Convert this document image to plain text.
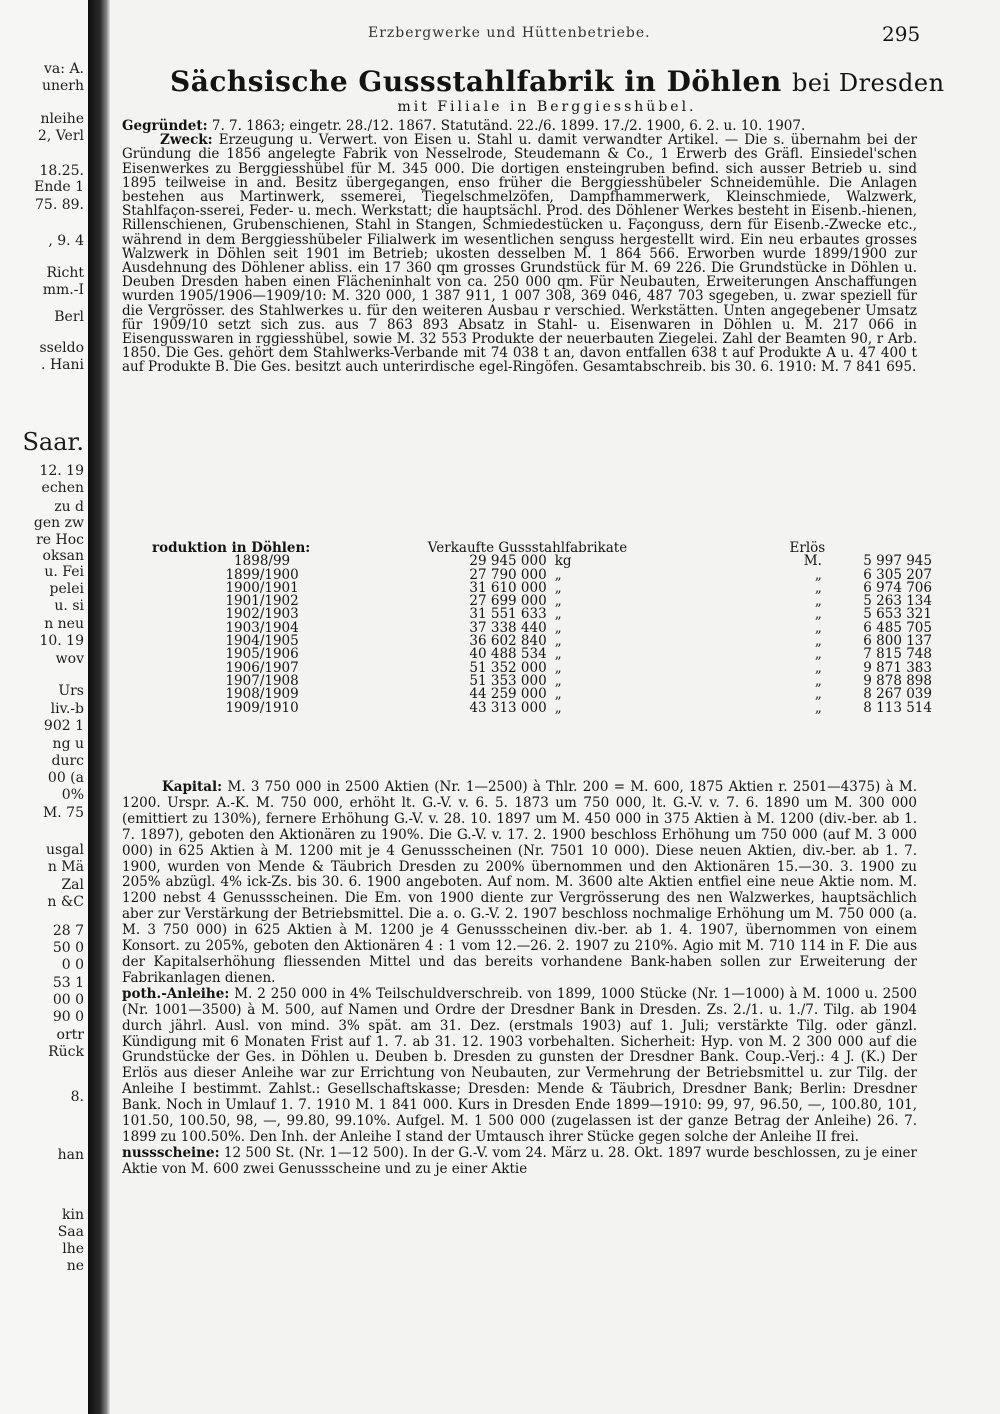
va: A.
unerh
nleihe
2, Verl
18.25.
Ende 1
75. 89.
, 9. 4
Richt
mm.-I
Berl
sseldo
. Hani
Saar.
12. 19
echen
zu d
gen zw
re Hoc
oksan
u. Fei
pelei
u. si
n neu
10. 19
wov
Urs
liv.-b
902 1
ng u
durc
00 (a
0%
M. 75
usgal
n Mä
Zal
n &C
28 7
50 0
0 0
53 1
00 0
90 0
ortr
Rück
8.
han
kin
Saa
lhe
ne
Erzbergwerke und Hüttenbetriebe.	295
Sächsische Gussstahlfabrik in Döhlen bei Dresden
mit Filiale in Berggiesshübel.

Gegründet: 7. 7. 1863; eingetr. 28./12. 1867. Statutänd. 22./6. 1899. 17./2. 1900, 6. 2. u. 10. 1907.

Zweck: Erzeugung u. Verwert. von Eisen u. Stahl u. damit verwandter Artikel. — Die s. übernahm bei der Gründung die 1856 angelegte Fabrik von Nesselrode, Steudemann & Co., 1 Erwerb des Gräfl. Einsiedel'schen Eisenwerkes zu Berggiesshübel für M. 345 000. Die dortigen ensteingruben befind. sich ausser Betrieb u. sind 1895 teilweise in and. Besitz übergegangen, enso früher die Berggiesshübeler Schneidemühle. Die Anlagen bestehen aus Martinwerk, ssemerei, Tiegelschmelzöfen, Dampfhammerwerk, Kleinschmiede, Walzwerk, Stahlfaçon-sserei, Feder- u. mech. Werkstatt; die hauptsächl. Prod. des Döhlener Werkes besteht in Eisenb.-hienen, Rillenschienen, Grubenschienen, Stahl in Stangen, Schmiedestücken u. Façonguss, dern für Eisenb.-Zwecke etc., während in dem Berggiesshübeler Filialwerk im wesentlichen senguss hergestellt wird. Ein neu erbautes grosses Walzwerk in Döhlen seit 1901 im Betrieb; ukosten desselben M. 1 864 566. Erworben wurde 1899/1900 zur Ausdehnung des Döhlener abliss. ein 17 360 qm grosses Grundstück für M. 69 226. Die Grundstücke in Döhlen u. Deuben Dresden haben einen Flächeninhalt von ca. 250 000 qm. Für Neubauten, Erweiterungen Anschaffungen wurden 1905/1906—1909/10: M. 320 000, 1 387 911, 1 007 308, 369 046, 487 703 sgegeben, u. zwar speziell für die Vergrösser. des Stahlwerkes u. für den weiteren Ausbau r verschied. Werkstätten. Unten angegebener Umsatz für 1909/10 setzt sich zus. aus 7 863 893 Absatz in Stahl- u. Eisenwaren in Döhlen u. M. 217 066 in Eisengusswaren in rggiesshübel, sowie M. 32 553 Produkte der neuerbauten Ziegelei. Zahl der Beamten 90, r Arb. 1850. Die Ges. gehört dem Stahlwerks-Verbande mit 74 038 t an, davon entfallen 638 t auf Produkte A u. 47 400 t auf Produkte B. Die Ges. besitzt auch unterirdische egel-Ringöfen. Gesamtabschreib. bis 30. 6. 1910: M. 7 841 695.

roduktion in Döhlen:	Verkaufte Gussstahlfabrikate		Erlös	
1898/99	29 945 000	kg	M.	5 997 945
1899/1900	27 790 000	„	„	6 305 207
1900/1901	31 610 000	„	„	6 974 706
1901/1902	27 699 000	„	„	5 263 134
1902/1903	31 551 633	„	„	5 653 321
1903/1904	37 338 440	„	„	6 485 705
1904/1905	36 602 840	„	„	6 800 137
1905/1906	40 488 534	„	„	7 815 748
1906/1907	51 352 000	„	„	9 871 383
1907/1908	51 353 000	„	„	9 878 898
1908/1909	44 259 000	„	„	8 267 039
1909/1910	43 313 000	„	„	8 113 514

Kapital: M. 3 750 000 in 2500 Aktien (Nr. 1—2500) à Thlr. 200 = M. 600, 1875 Aktien r. 2501—4375) à M. 1200. Urspr. A.-K. M. 750 000, erhöht lt. G.-V. v. 6. 5. 1873 um 750 000, lt. G.-V. v. 7. 6. 1890 um M. 300 000 (emittiert zu 130%), fernere Erhöhung G.-V. v. 28. 10. 1897 um M. 450 000 in 375 Aktien à M. 1200 (div.-ber. ab 1. 7. 1897), geboten den Aktionären zu 190%. Die G.-V. v. 17. 2. 1900 beschloss Erhöhung um 750 000 (auf M. 3 000 000) in 625 Aktien à M. 1200 mit je 4 Genussscheinen (Nr. 7501 10 000). Diese neuen Aktien, div.-ber. ab 1. 7. 1900, wurden von Mende & Täubrich Dresden zu 200% übernommen und den Aktionären 15.—30. 3. 1900 zu 205% abzügl. 4% ick-Zs. bis 30. 6. 1900 angeboten. Auf nom. M. 3600 alte Aktien entfiel eine neue Aktie nom. M. 1200 nebst 4 Genussscheinen. Die Em. von 1900 diente zur Vergrösserung des nen Walzwerkes, hauptsächlich aber zur Verstärkung der Betriebsmittel. Die a. o. G.-V. 2. 1907 beschloss nochmalige Erhöhung um M. 750 000 (a. M. 3 750 000) in 625 Aktien à M. 1200 je 4 Genussscheinen div.-ber. ab 1. 4. 1907, übernommen von einem Konsort. zu 205%, geboten den Aktionären 4 : 1 vom 12.—26. 2. 1907 zu 210%. Agio mit M. 710 114 in F. Die aus der Kapitalserhöhung fliessenden Mittel und das bereits vorhandene Bank-haben sollen zur Erweiterung der Fabrikanlagen dienen.

poth.-Anleihe: M. 2 250 000 in 4% Teilschuldverschreib. von 1899, 1000 Stücke (Nr. 1—1000) à M. 1000 u. 2500 (Nr. 1001—3500) à M. 500, auf Namen und Ordre der Dresdner Bank in Dresden. Zs. 2./1. u. 1./7. Tilg. ab 1904 durch jährl. Ausl. von mind. 3% spät. am 31. Dez. (erstmals 1903) auf 1. Juli; verstärkte Tilg. oder gänzl. Kündigung mit 6 Monaten Frist auf 1. 7. ab 31. 12. 1903 vorbehalten. Sicherheit: Hyp. von M. 2 300 000 auf die Grundstücke der Ges. in Döhlen u. Deuben b. Dresden zu gunsten der Dresdner Bank. Coup.-Verj.: 4 J. (K.) Der Erlös aus dieser Anleihe war zur Errichtung von Neubauten, zur Vermehrung der Betriebsmittel u. zur Tilg. der Anleihe I bestimmt. Zahlst.: Gesellschaftskasse; Dresden: Mende & Täubrich, Dresdner Bank; Berlin: Dresdner Bank. Noch in Umlauf 1. 7. 1910 M. 1 841 000. Kurs in Dresden Ende 1899—1910: 99, 97, 96.50, —, 100.80, 101, 101.50, 100.50, 98, —, 99.80, 99.10%. Aufgel. M. 1 500 000 (zugelassen ist der ganze Betrag der Anleihe) 26. 7. 1899 zu 100.50%. Den Inh. der Anleihe I stand der Umtausch ihrer Stücke gegen solche der Anleihe II frei.

nussscheine: 12 500 St. (Nr. 1—12 500). In der G.-V. vom 24. März u. 28. Okt. 1897 wurde beschlossen, zu je einer Aktie von M. 600 zwei Genussscheine und zu je einer Aktie
